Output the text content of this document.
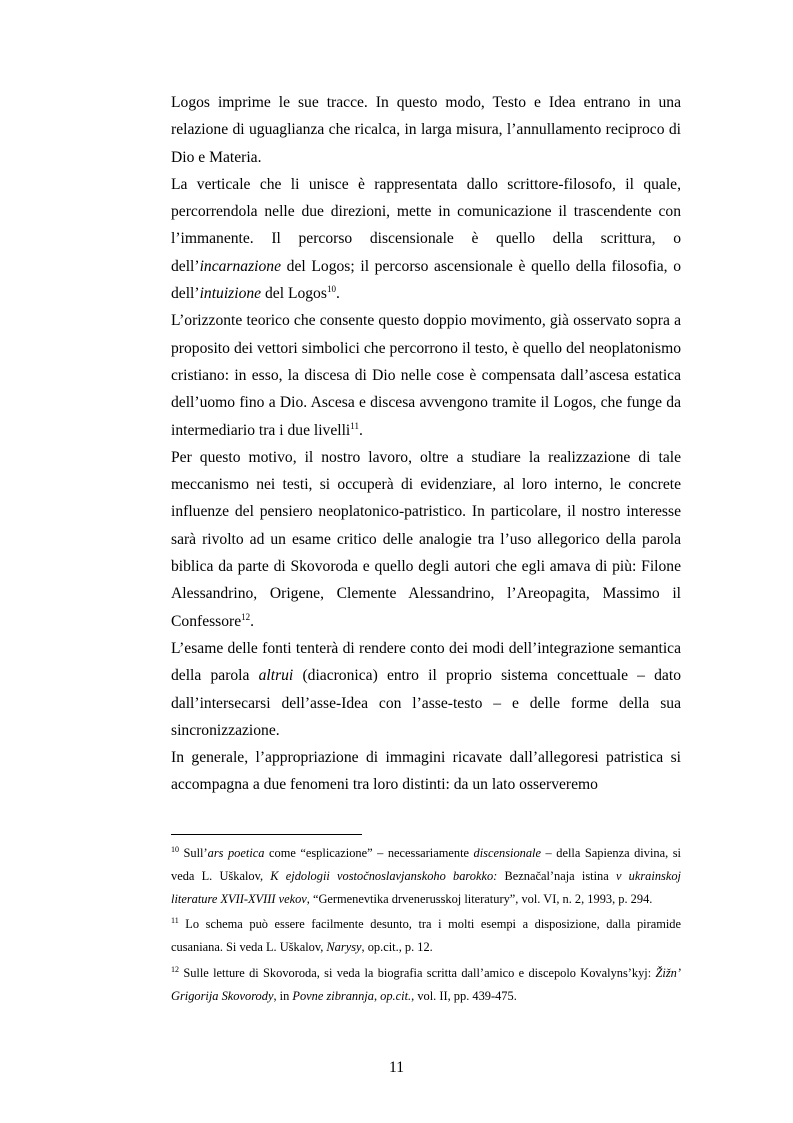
Logos imprime le sue tracce. In questo modo, Testo e Idea entrano in una relazione di uguaglianza che ricalca, in larga misura, l’annullamento reciproco di Dio e Materia.

La verticale che li unisce è rappresentata dallo scrittore-filosofo, il quale, percorrendola nelle due direzioni, mette in comunicazione il trascendente con l’immanente. Il percorso discensionale è quello della scrittura, o dell’incarnazione del Logos; il percorso ascensionale è quello della filosofia, o dell’intuizione del Logos$^{10}$.

L’orizzonte teorico che consente questo doppio movimento, già osservato sopra a proposito dei vettori simbolici che percorrono il testo, è quello del neoplatonismo cristiano: in esso, la discesa di Dio nelle cose è compensata dall’ascesa estatica dell’uomo fino a Dio. Ascesa e discesa avvengono tramite il Logos, che funge da intermediario tra i due livelli$^{11}$.

Per questo motivo, il nostro lavoro, oltre a studiare la realizzazione di tale meccanismo nei testi, si occuperà di evidenziare, al loro interno, le concrete influenze del pensiero neoplatonico-patristico. In particolare, il nostro interesse sarà rivolto ad un esame critico delle analogie tra l’uso allegorico della parola biblica da parte di Skovoroda e quello degli autori che egli amava di più: Filone Alessandrino, Origene, Clemente Alessandrino, l’Areopagita, Massimo il Confessore$^{12}$.

L’esame delle fonti tenterà di rendere conto dei modi dell’integrazione semantica della parola altrui (diacronica) entro il proprio sistema concettuale – dato dall’intersecarsi dell’asse-Idea con l’asse-testo – e delle forme della sua sincronizzazione.

In generale, l’appropriazione di immagini ricavate dall’allegoresi patristica si accompagna a due fenomeni tra loro distinti: da un lato osserveremo

$^{10}$ Sull’ars poetica come “esplicazione” – necessariamente discensionale – della Sapienza divina, si veda L. Uškalov, K ejdologii vostočnoslavjanskoho barokko: Beznačal’naja istina v ukrainskoj literature XVII-XVIII vekov, “Germenevtika drvenerusskoj literatury”, vol. VI, n. 2, 1993, p. 294.

$^{11}$ Lo schema può essere facilmente desunto, tra i molti esempi a disposizione, dalla piramide cusaniana. Si veda L. Uškalov, Narysy, op.cit., p. 12.

$^{12}$ Sulle letture di Skovoroda, si veda la biografia scritta dall’amico e discepolo Kovalyns’kyj: Žižn’ Grigorija Skovorody, in Povne zibrannja, op.cit., vol. II, pp. 439-475.

11
